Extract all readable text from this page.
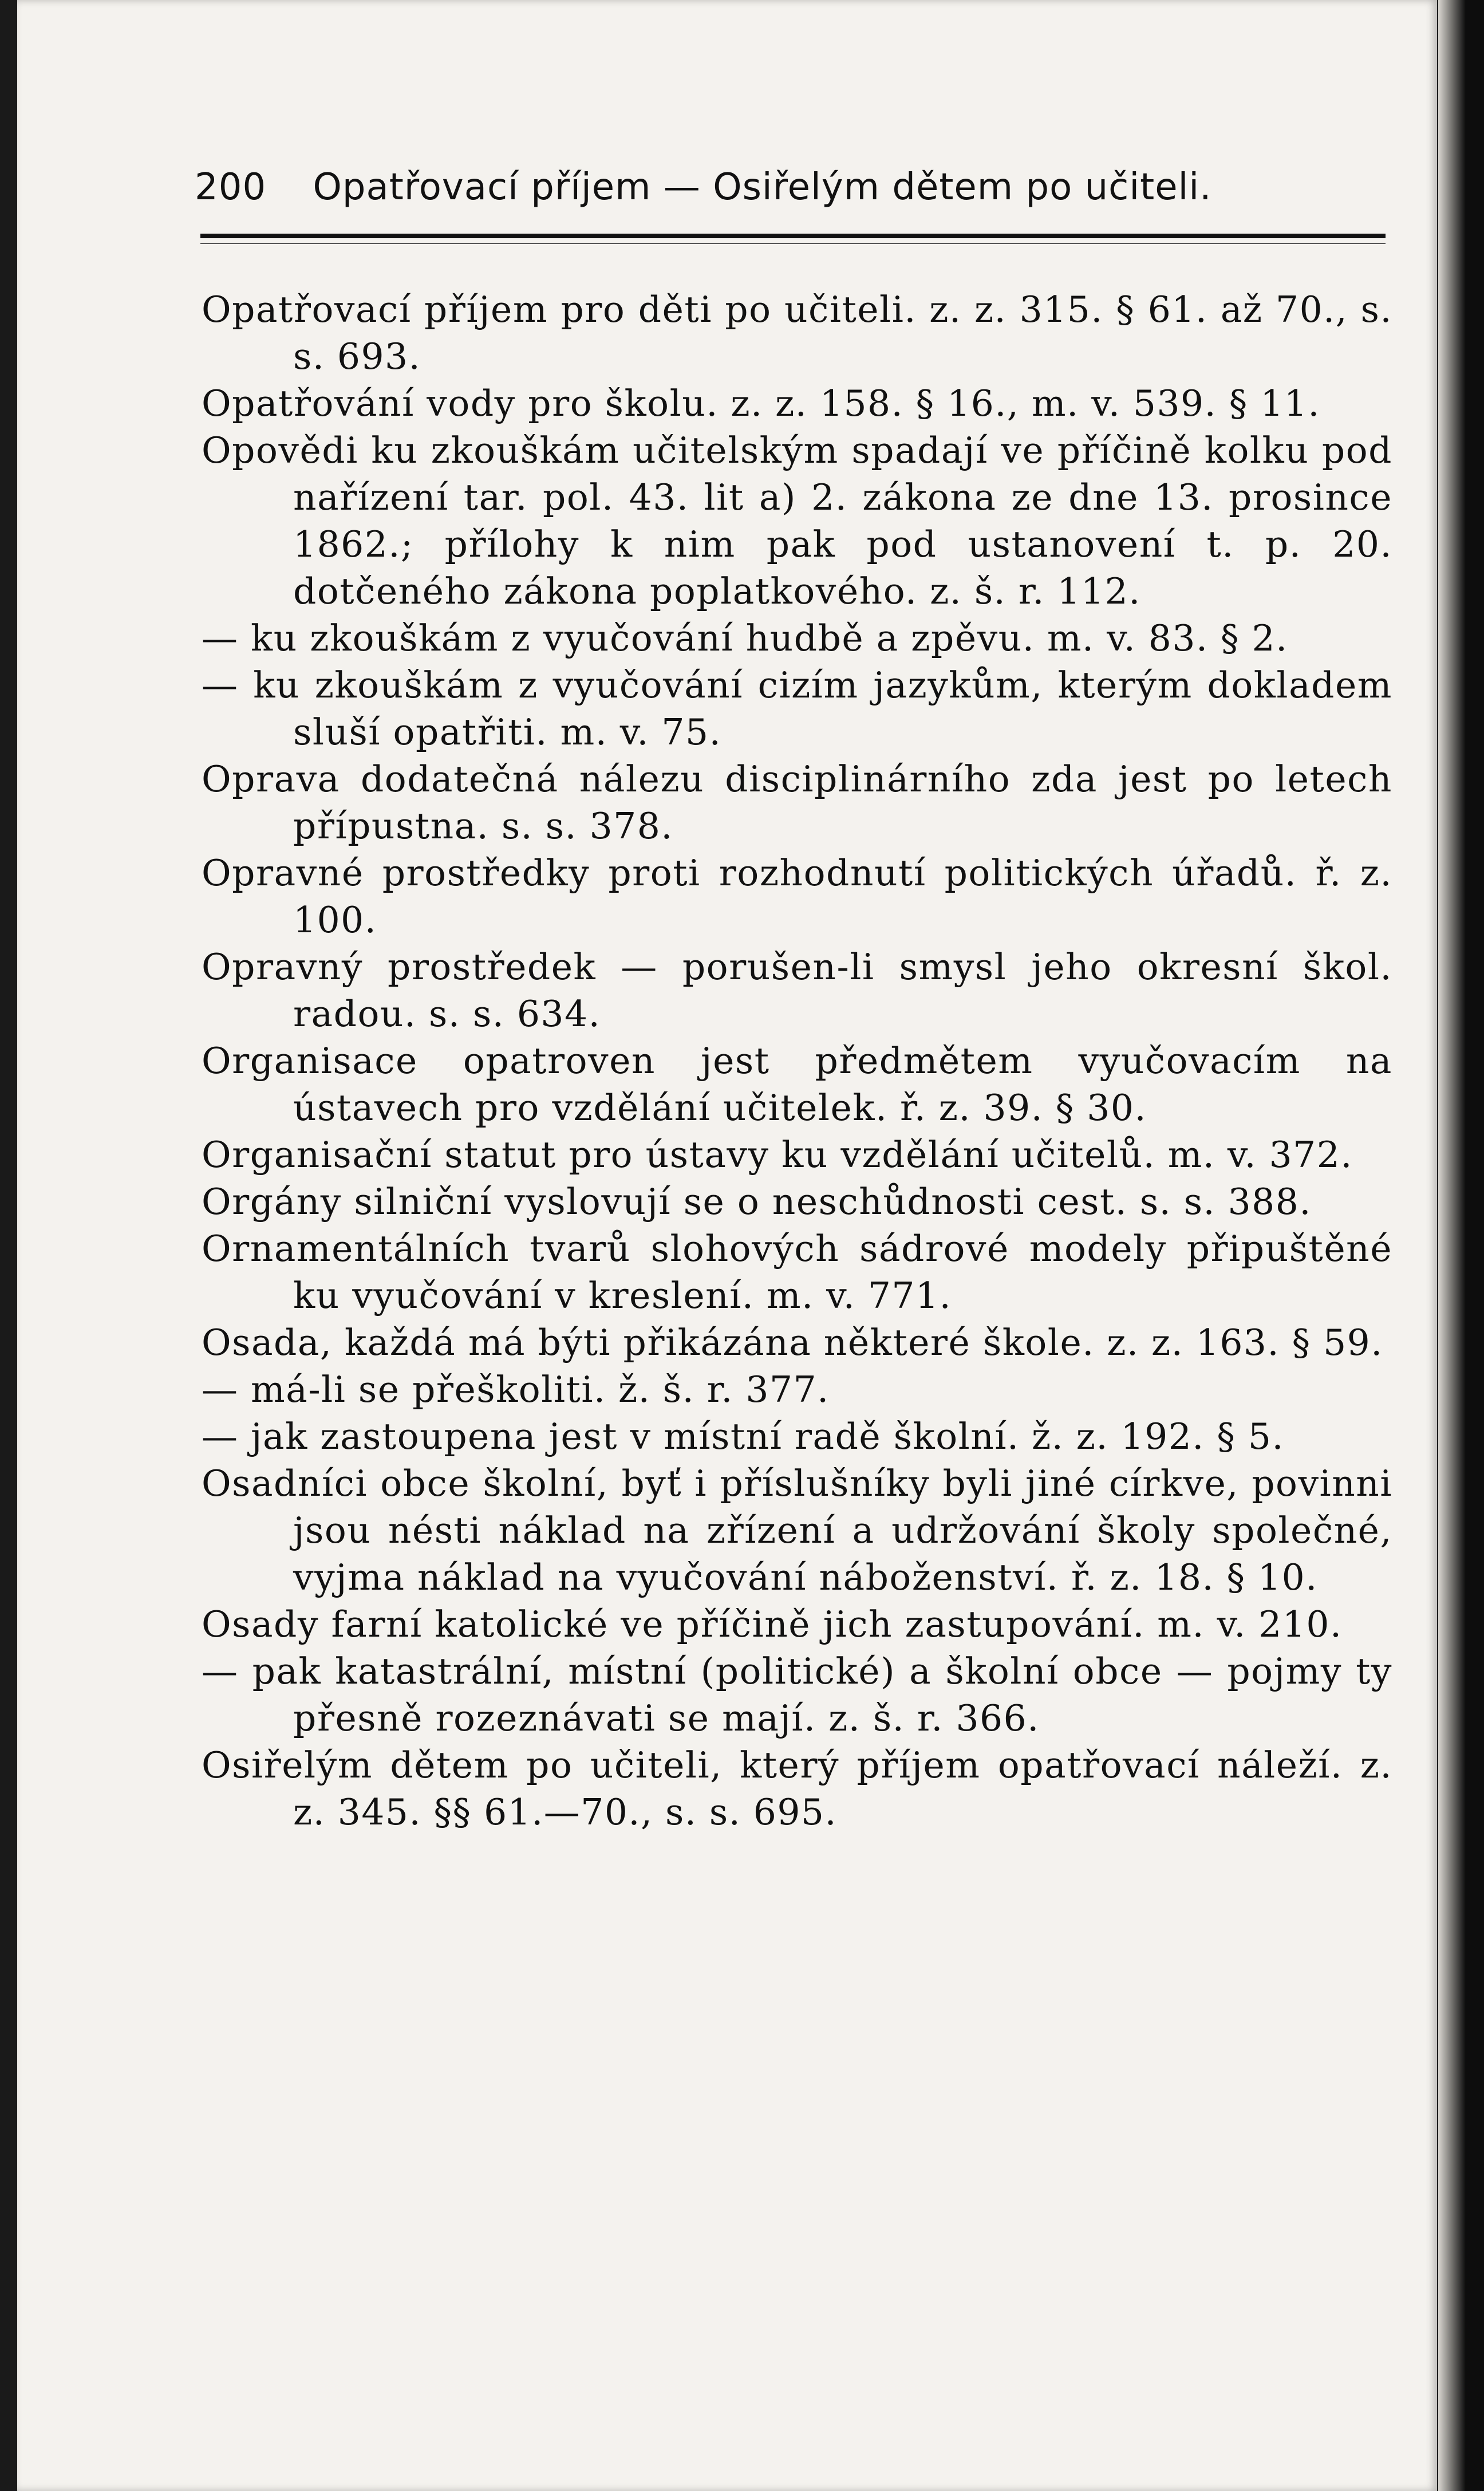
200 Opatřovací příjem — Osiřelým dětem po učiteli.

Opatřovací příjem pro děti po učiteli. z. z. 315. § 61. až 70., s. s. 693.

Opatřování vody pro školu. z. z. 158. § 16., m. v. 539. § 11.

Opovědi ku zkouškám učitelským spadají ve příčině kolku pod nařízení tar. pol. 43. lit a) 2. zákona ze dne 13. prosince 1862.; přílohy k nim pak pod ustanovení t. p. 20. dotčeného zákona poplatkového. z. š. r. 112.

— ku zkouškám z vyučování hudbě a zpěvu. m. v. 83. § 2.

— ku zkouškám z vyučování cizím jazykům, kterým dokladem sluší opatřiti. m. v. 75.

Oprava dodatečná nálezu disciplinárního zda jest po letech přípustna. s. s. 378.

Opravné prostředky proti rozhodnutí politických úřadů. ř. z. 100.

Opravný prostředek — porušen-li smysl jeho okresní škol. radou. s. s. 634.

Organisace opatroven jest předmětem vyučovacím na ústavech pro vzdělání učitelek. ř. z. 39. § 30.

Organisační statut pro ústavy ku vzdělání učitelů. m. v. 372.

Orgány silniční vyslovují se o neschůdnosti cest. s. s. 388.

Ornamentálních tvarů slohových sádrové modely připuštěné ku vyučování v kreslení. m. v. 771.

Osada, každá má býti přikázána některé škole. z. z. 163. § 59.

— má-li se přeškoliti. ž. š. r. 377.

— jak zastoupena jest v místní radě školní. ž. z. 192. § 5.

Osadníci obce školní, byť i příslušníky byli jiné církve, povinni jsou nésti náklad na zřízení a udržování školy společné, vyjma náklad na vyučování náboženství. ř. z. 18. § 10.

Osady farní katolické ve příčině jich zastupování. m. v. 210.

— pak katastrální, místní (politické) a školní obce — pojmy ty přesně rozeznávati se mají. z. š. r. 366.

Osiřelým dětem po učiteli, který příjem opatřovací náleží. z. z. 345. §§ 61.—70., s. s. 695.
